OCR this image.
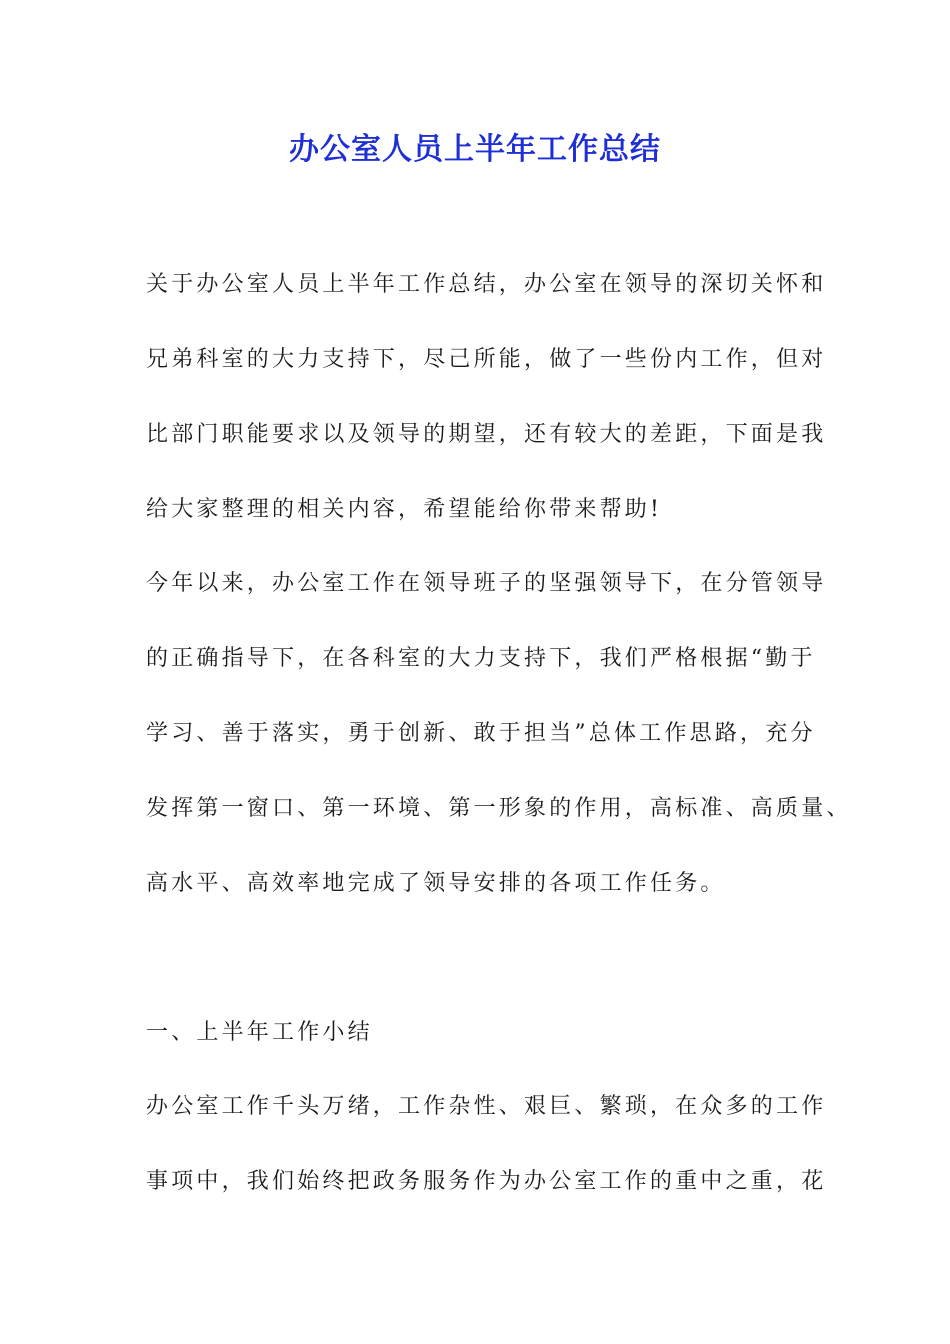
办公室人员上半年工作总结
关于办公室人员上半年工作总结，办公室在领导的深切关怀和
兄弟科室的大力支持下，尽己所能，做了一些份内工作，但对
比部门职能要求以及领导的期望，还有较大的差距，下面是我
给大家整理的相关内容，希望能给你带来帮助!
今年以来，办公室工作在领导班子的坚强领导下，在分管领导
的正确指导下，在各科室的大力支持下，我们严格根据“勤于
学习、善于落实，勇于创新、敢于担当”总体工作思路，充分
发挥第一窗口、第一环境、第一形象的作用，高标准、高质量、
高水平、高效率地完成了领导安排的各项工作任务。
一、上半年工作小结
办公室工作千头万绪，工作杂性、艰巨、繁琐，在众多的工作
事项中，我们始终把政务服务作为办公室工作的重中之重，花
